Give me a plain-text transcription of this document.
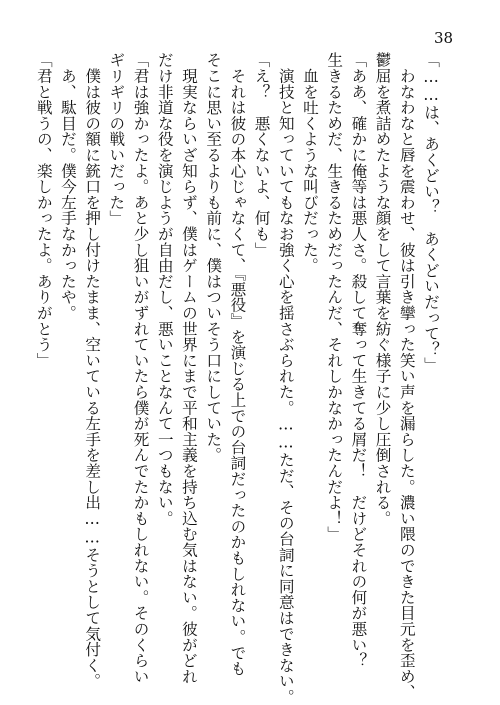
38
「……は、あくどい？　あくどいだって？」
　わなわなと唇を震わせ、彼は引き攣った笑い声を漏らした。濃い隈のできた目元を歪め、
鬱屈を煮詰めたような顔をして言葉を紡ぐ様子に少し圧倒される。
「ああ、確かに俺等は悪人さ。殺して奪って生きてる屑だ！　だけどそれの何が悪い？
生きるためだ、生きるためだったんだ、それしかなかったんだよ！」
　血を吐くような叫びだった。
　演技と知っていてもなお強く心を揺さぶられた。……ただ、その台詞に同意はできない。
「え？　悪くないよ、何も」
　それは彼の本心じゃなくて、『悪役』を演じる上での台詞だったのかもしれない。でも
そこに思い至るよりも前に、僕はついそう口にしていた。
　現実ならいざ知らず、僕はゲームの世界にまで平和主義を持ち込む気はない。彼がどれ
だけ非道な役を演じようが自由だし、悪いことなんて一つもない。
「君は強かったよ。あと少し狙いがずれていたら僕が死んでたかもしれない。そのくらい
ギリギリの戦いだった」
　僕は彼の額に銃口を押し付けたまま、空いている左手を差し出……そうとして気付く。
　あ、駄目だ。僕今左手なかったや。
「君と戦うの、楽しかったよ。ありがとう」
